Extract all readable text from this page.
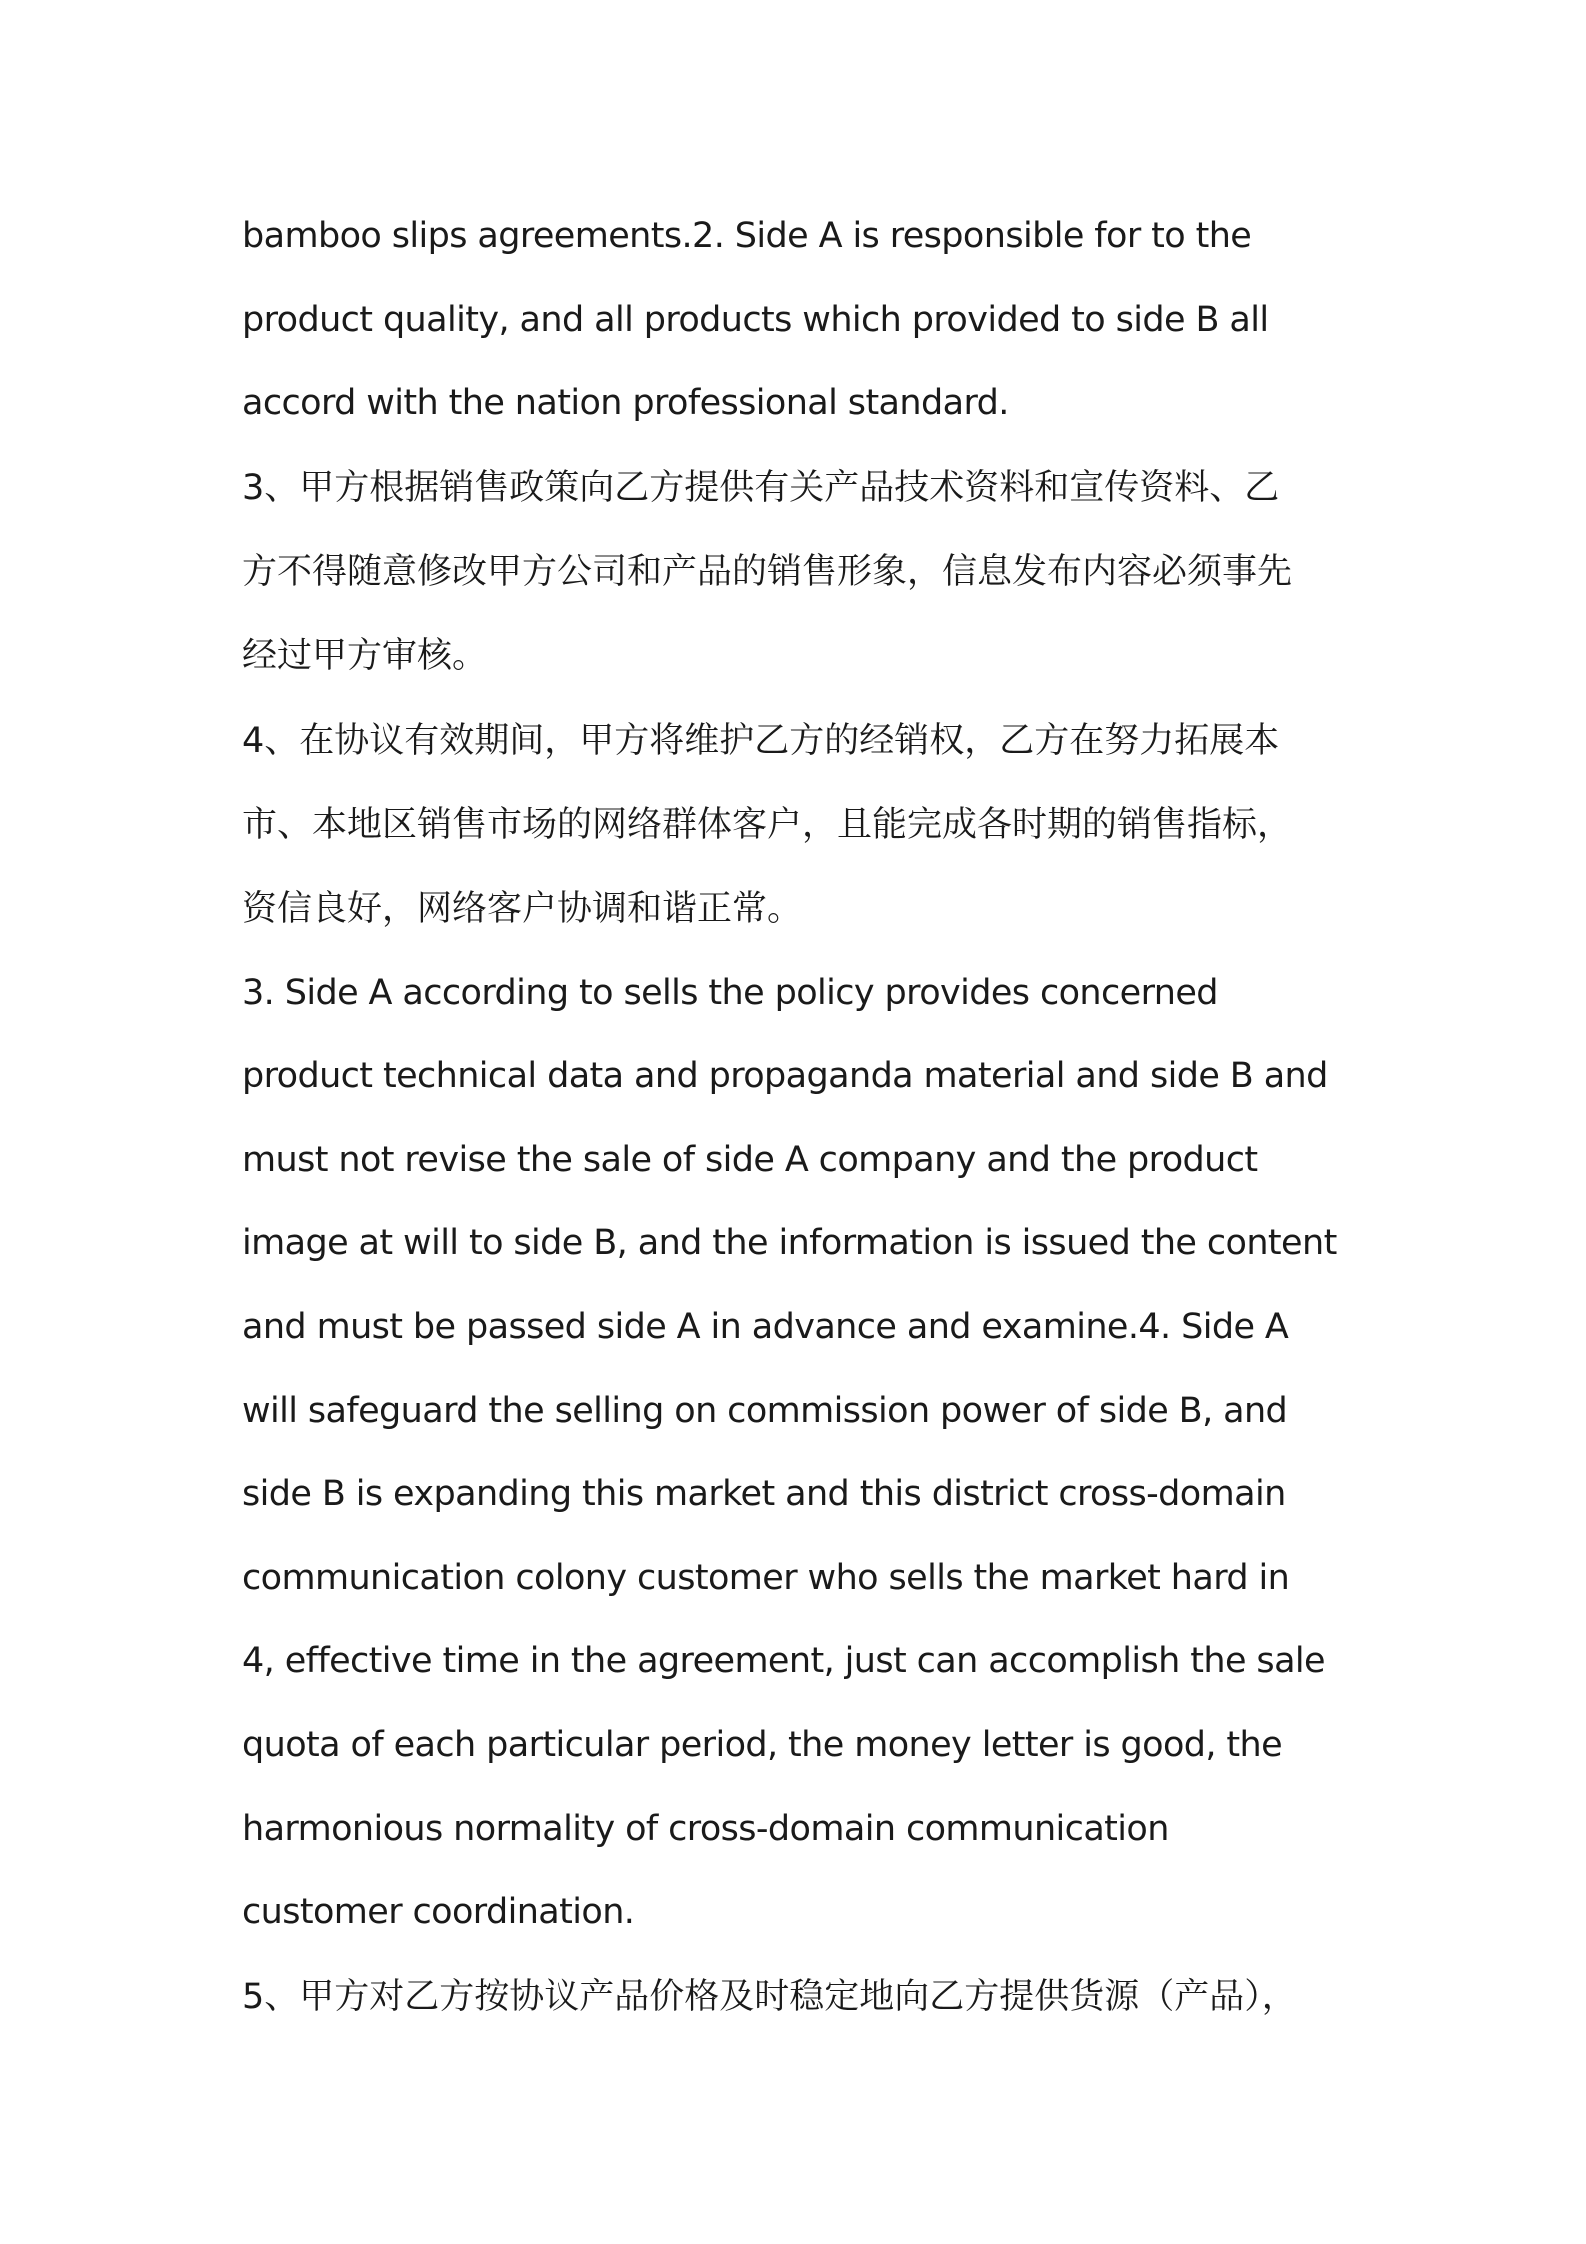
bamboo slips agreements.2. Side A is responsible for to the
product quality, and all products which provided to side B all
accord with the nation professional standard.
3、甲方根据销售政策向乙方提供有关产品技术资料和宣传资料、乙
方不得随意修改甲方公司和产品的销售形象，信息发布内容必须事先
经过甲方审核。
4、在协议有效期间，甲方将维护乙方的经销权，乙方在努力拓展本
市、本地区销售市场的网络群体客户，且能完成各时期的销售指标，
资信良好，网络客户协调和谐正常。
3. Side A according to sells the policy provides concerned
product technical data and propaganda material and side B and
must not revise the sale of side A company and the product
image at will to side B, and the information is issued the content
and must be passed side A in advance and examine.4. Side A
will safeguard the selling on commission power of side B, and
side B is expanding this market and this district cross-domain
communication colony customer who sells the market hard in
4, effective time in the agreement, just can accomplish the sale
quota of each particular period, the money letter is good, the
harmonious normality of cross-domain communication
customer coordination.
5、甲方对乙方按协议产品价格及时稳定地向乙方提供货源（产品），
